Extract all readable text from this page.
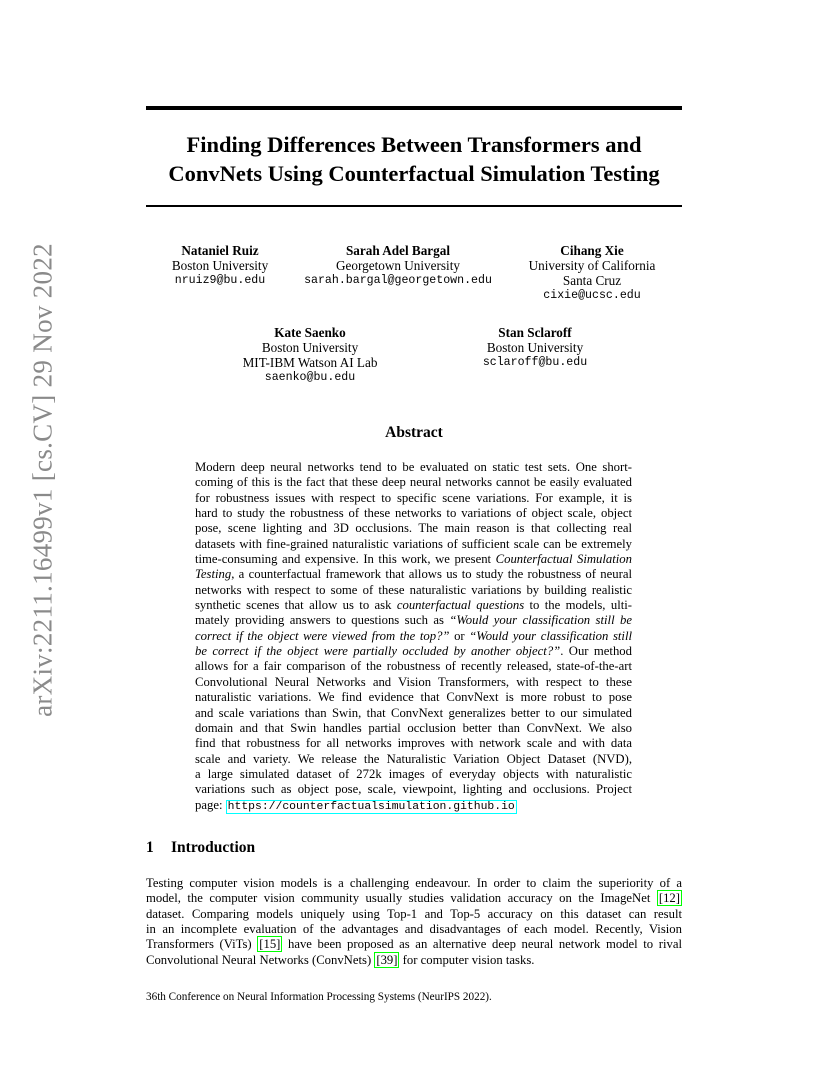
arXiv:2211.16499v1 [cs.CV] 29 Nov 2022
Finding Differences Between Transformers and
ConvNets Using Counterfactual Simulation Testing
Nataniel Ruiz
Boston University
nruiz9@bu.edu
Sarah Adel Bargal
Georgetown University
sarah.bargal@georgetown.edu
Cihang Xie
University of California
Santa Cruz
cixie@ucsc.edu
Kate Saenko
Boston University
MIT-IBM Watson AI Lab
saenko@bu.edu
Stan Sclaroff
Boston University
sclaroff@bu.edu
Abstract
Modern deep neural networks tend to be evaluated on static test sets. One short-
coming of this is the fact that these deep neural networks cannot be easily evaluated
for robustness issues with respect to specific scene variations. For example, it is
hard to study the robustness of these networks to variations of object scale, object
pose, scene lighting and 3D occlusions. The main reason is that collecting real
datasets with fine-grained naturalistic variations of sufficient scale can be extremely
time-consuming and expensive. In this work, we present Counterfactual Simulation
Testing, a counterfactual framework that allows us to study the robustness of neural
networks with respect to some of these naturalistic variations by building realistic
synthetic scenes that allow us to ask counterfactual questions to the models, ulti-
mately providing answers to questions such as “Would your classification still be
correct if the object were viewed from the top?” or “Would your classification still
be correct if the object were partially occluded by another object?”. Our method
allows for a fair comparison of the robustness of recently released, state-of-the-art
Convolutional Neural Networks and Vision Transformers, with respect to these
naturalistic variations. We find evidence that ConvNext is more robust to pose
and scale variations than Swin, that ConvNext generalizes better to our simulated
domain and that Swin handles partial occlusion better than ConvNext. We also
find that robustness for all networks improves with network scale and with data
scale and variety. We release the Naturalistic Variation Object Dataset (NVD),
a large simulated dataset of 272k images of everyday objects with naturalistic
variations such as object pose, scale, viewpoint, lighting and occlusions. Project
page: https://counterfactualsimulation.github.io
1 Introduction
Testing computer vision models is a challenging endeavour. In order to claim the superiority of a
model, the computer vision community usually studies validation accuracy on the ImageNet [12]
dataset. Comparing models uniquely using Top-1 and Top-5 accuracy on this dataset can result
in an incomplete evaluation of the advantages and disadvantages of each model. Recently, Vision
Transformers (ViTs) [15] have been proposed as an alternative deep neural network model to rival
Convolutional Neural Networks (ConvNets) [39] for computer vision tasks.
36th Conference on Neural Information Processing Systems (NeurIPS 2022).
